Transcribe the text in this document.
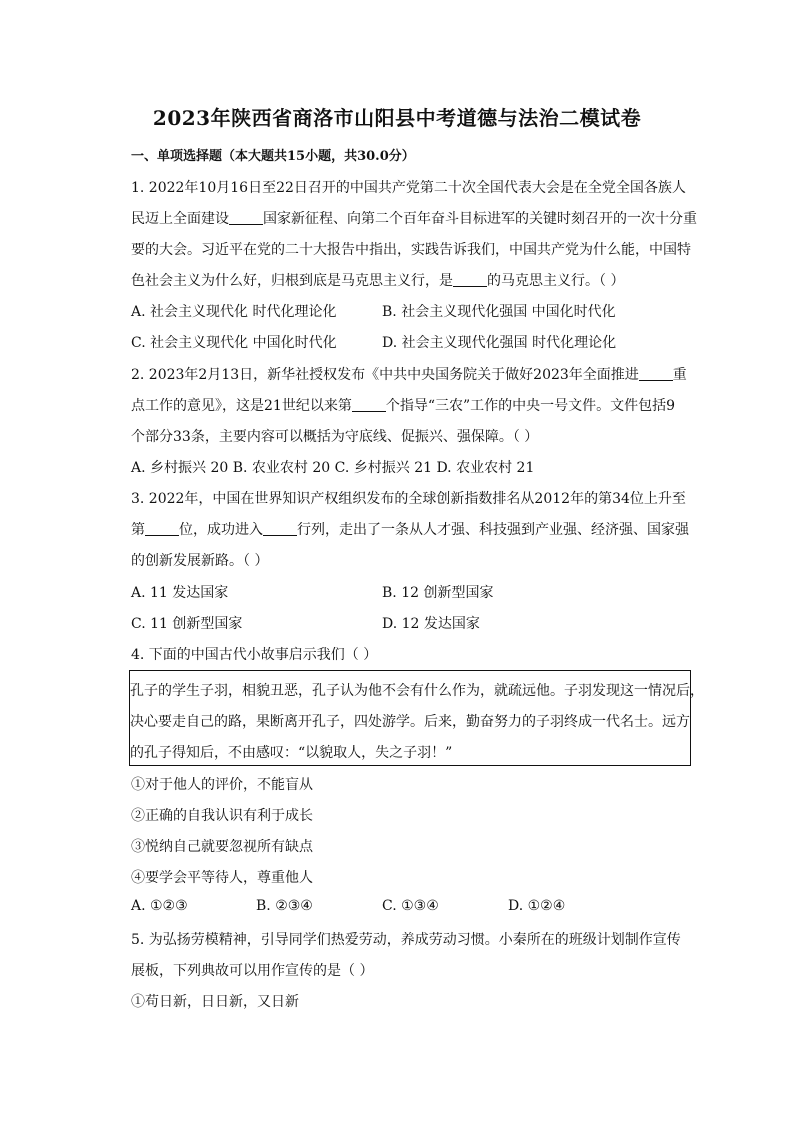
2023年陕西省商洛市山阳县中考道德与法治二模试卷
一、单项选择题（本大题共15小题，共30.0分）
1. 2022年10月16日至22日召开的中国共产党第二十次全国代表大会是在全党全国各族人
民迈上全面建设 国家新征程、向第二个百年奋斗目标进军的关键时刻召开的一次十分重
要的大会。习近平在党的二十大报告中指出，实践告诉我们，中国共产党为什么能，中国特
色社会主义为什么好，归根到底是马克思主义行，是 的马克思主义行。（ ）
A. 社会主义现代化 时代化理论化	B. 社会主义现代化强国 中国化时代化
C. 社会主义现代化 中国化时代化	D. 社会主义现代化强国 时代化理论化
2. 2023年2月13日，新华社授权发布《中共中央国务院关于做好2023年全面推进 重
点工作的意见》，这是21世纪以来第 个指导“三农”工作的中央一号文件。文件包括9
个部分33条，主要内容可以概括为守底线、促振兴、强保障。（ ）
A. 乡村振兴 20 B. 农业农村 20 C. 乡村振兴 21 D. 农业农村 21
3. 2022年，中国在世界知识产权组织发布的全球创新指数排名从2012年的第34位上升至
第 位，成功进入 行列，走出了一条从人才强、科技强到产业强、经济强、国家强
的创新发展新路。（ ）
A. 11 发达国家	B. 12 创新型国家
C. 11 创新型国家	D. 12 发达国家
4. 下面的中国古代小故事启示我们（ ）
孔子的学生子羽，相貌丑恶，孔子认为他不会有什么作为，就疏远他。子羽发现这一情况后，
决心要走自己的路，果断离开孔子，四处游学。后来，勤奋努力的子羽终成一代名士。远方
的孔子得知后，不由感叹：“以貌取人，失之子羽！”
①对于他人的评价，不能盲从
②正确的自我认识有利于成长
③悦纳自己就要忽视所有缺点
④要学会平等待人，尊重他人
A. ①②③	B. ②③④	C. ①③④	D. ①②④
5. 为弘扬劳模精神，引导同学们热爱劳动，养成劳动习惯。小秦所在的班级计划制作宣传
展板，下列典故可以用作宣传的是（ ）
①苟日新，日日新，又日新
